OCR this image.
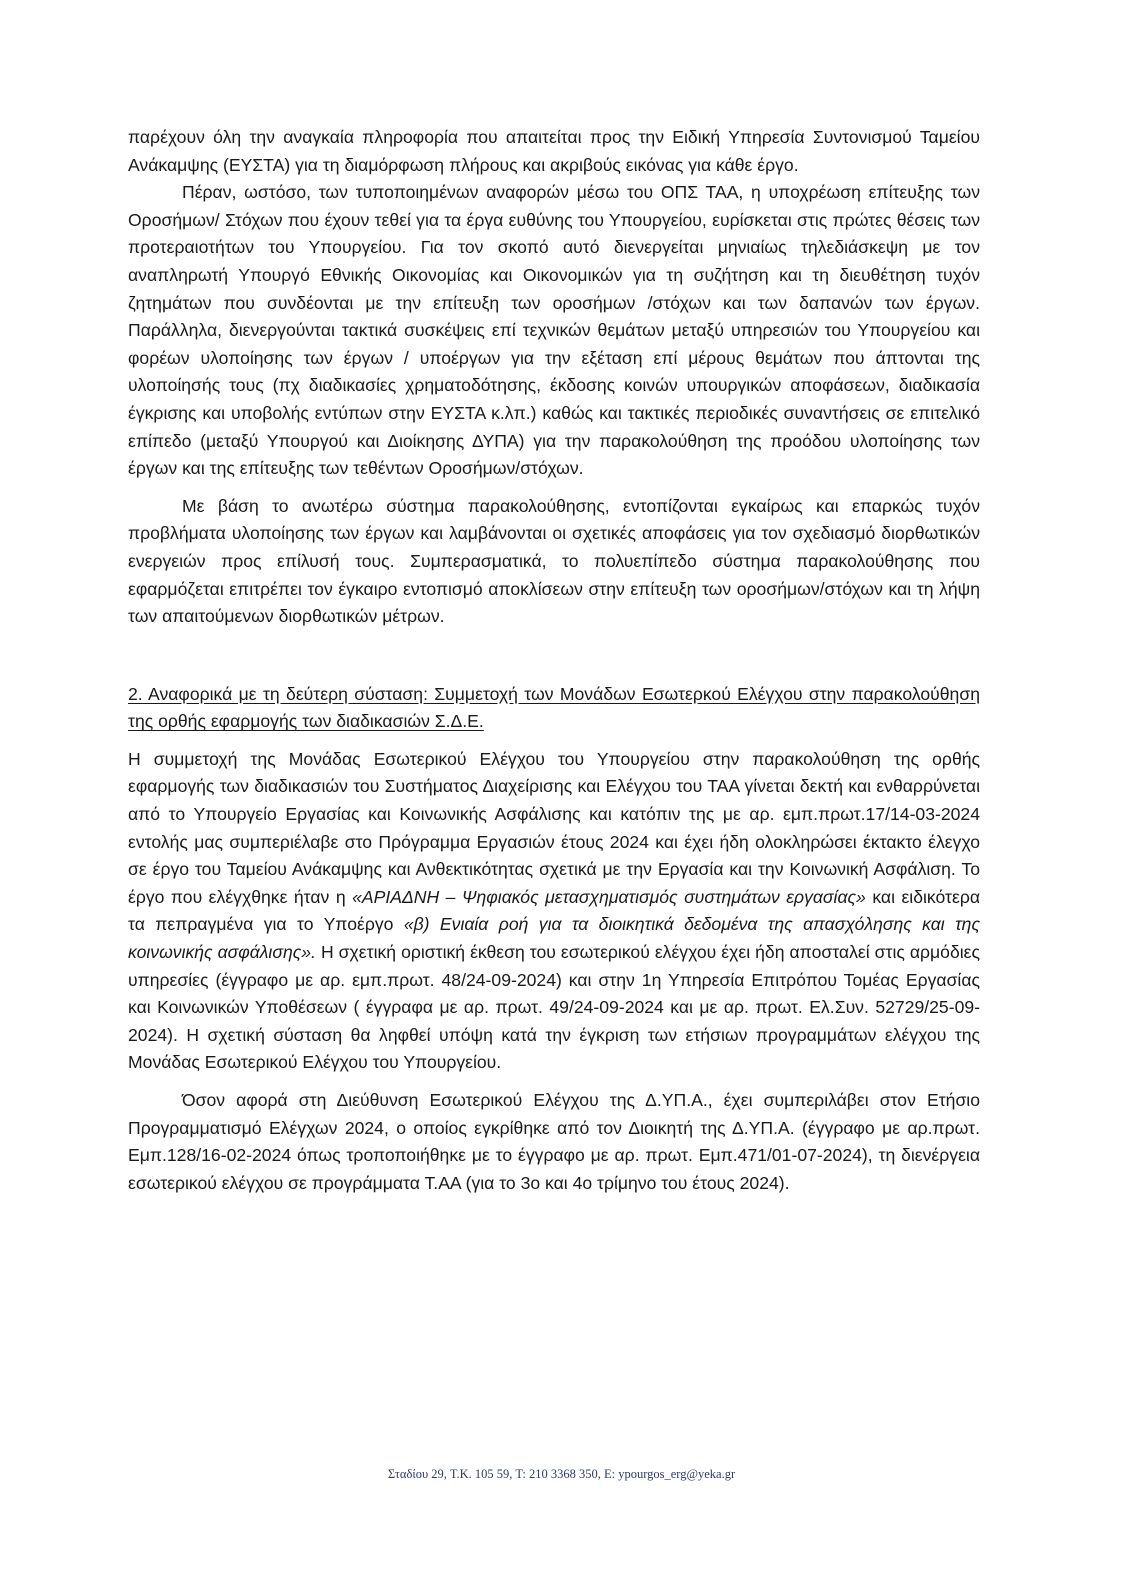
παρέχουν όλη την αναγκαία πληροφορία που απαιτείται προς την Ειδική Υπηρεσία Συντονισμού Ταμείου Ανάκαμψης (ΕΥΣΤΑ) για τη διαμόρφωση πλήρους και ακριβούς εικόνας για κάθε έργο.

Πέραν, ωστόσο, των τυποποιημένων αναφορών μέσω του ΟΠΣ ΤΑΑ, η υποχρέωση επίτευξης των Οροσήμων/ Στόχων που έχουν τεθεί για τα έργα ευθύνης του Υπουργείου, ευρίσκεται στις πρώτες θέσεις των προτεραιοτήτων του Υπουργείου. Για τον σκοπό αυτό διενεργείται μηνιαίως τηλεδιάσκεψη με τον αναπληρωτή Υπουργό Εθνικής Οικονομίας και Οικονομικών για τη συζήτηση και τη διευθέτηση τυχόν ζητημάτων που συνδέονται με την επίτευξη των οροσήμων /στόχων και των δαπανών των έργων. Παράλληλα, διενεργούνται τακτικά συσκέψεις επί τεχνικών θεμάτων μεταξύ υπηρεσιών του Υπουργείου και φορέων υλοποίησης των έργων / υποέργων για την εξέταση επί μέρους θεμάτων που άπτονται της υλοποίησής τους (πχ διαδικασίες χρηματοδότησης, έκδοσης κοινών υπουργικών αποφάσεων, διαδικασία έγκρισης και υποβολής εντύπων στην ΕΥΣΤΑ κ.λπ.) καθώς και τακτικές περιοδικές συναντήσεις σε επιτελικό επίπεδο (μεταξύ Υπουργού και Διοίκησης ΔΥΠΑ) για την παρακολούθηση της προόδου υλοποίησης των έργων και της επίτευξης των τεθέντων Οροσήμων/στόχων.

Με βάση το ανωτέρω σύστημα παρακολούθησης, εντοπίζονται εγκαίρως και επαρκώς τυχόν προβλήματα υλοποίησης των έργων και λαμβάνονται οι σχετικές αποφάσεις για τον σχεδιασμό διορθωτικών ενεργειών προς επίλυσή τους. Συμπερασματικά, το πολυεπίπεδο σύστημα παρακολούθησης που εφαρμόζεται επιτρέπει τον έγκαιρο εντοπισμό αποκλίσεων στην επίτευξη των οροσήμων/στόχων και τη λήψη των απαιτούμενων διορθωτικών μέτρων.

2. Αναφορικά με τη δεύτερη σύσταση: Συμμετοχή των Μονάδων Εσωτερκού Ελέγχου στην παρακολούθηση της ορθής εφαρμογής των διαδικασιών Σ.Δ.Ε.

Η συμμετοχή της Μονάδας Εσωτερικού Ελέγχου του Υπουργείου στην παρακολούθηση της ορθής εφαρμογής των διαδικασιών του Συστήματος Διαχείρισης και Ελέγχου του ΤΑΑ γίνεται δεκτή και ενθαρρύνεται από το Υπουργείο Εργασίας και Κοινωνικής Ασφάλισης και κατόπιν της με αρ. εμπ.πρωτ.17/14-03-2024 εντολής μας συμπεριέλαβε στο Πρόγραμμα Εργασιών έτους 2024 και έχει ήδη ολοκληρώσει έκτακτο έλεγχο σε έργο του Ταμείου Ανάκαμψης και Ανθεκτικότητας σχετικά με την Εργασία και την Κοινωνική Ασφάλιση. Το έργο που ελέγχθηκε ήταν η «ΑΡΙΑΔΝΗ – Ψηφιακός μετασχηματισμός συστημάτων εργασίας» και ειδικότερα τα πεπραγμένα για το Υποέργο «β) Ενιαία ροή για τα διοικητικά δεδομένα της απασχόλησης και της κοινωνικής ασφάλισης». Η σχετική οριστική έκθεση του εσωτερικού ελέγχου έχει ήδη αποσταλεί στις αρμόδιες υπηρεσίες (έγγραφο με αρ. εμπ.πρωτ. 48/24-09-2024) και στην 1η Υπηρεσία Επιτρόπου Τομέας Εργασίας και Κοινωνικών Υποθέσεων ( έγγραφα με αρ. πρωτ. 49/24-09-2024 και με αρ. πρωτ. Ελ.Συν. 52729/25-09-2024). Η σχετική σύσταση θα ληφθεί υπόψη κατά την έγκριση των ετήσιων προγραμμάτων ελέγχου της Μονάδας Εσωτερικού Ελέγχου του Υπουργείου.

Όσον αφορά στη Διεύθυνση Εσωτερικού Ελέγχου της Δ.ΥΠ.Α., έχει συμπεριλάβει στον Ετήσιο Προγραμματισμό Ελέγχων 2024, ο οποίος εγκρίθηκε από τον Διοικητή της Δ.ΥΠ.Α. (έγγραφο με αρ.πρωτ. Εμπ.128/16-02-2024 όπως τροποποιήθηκε με το έγγραφο με αρ. πρωτ. Εμπ.471/01-07-2024), τη διενέργεια εσωτερικού ελέγχου σε προγράμματα Τ.ΑΑ (για το 3ο και 4ο τρίμηνο του έτους 2024).

Σταδίου 29, Τ.Κ. 105 59, Τ: 210 3368 350, E: ypourgos_erg@yeka.gr
